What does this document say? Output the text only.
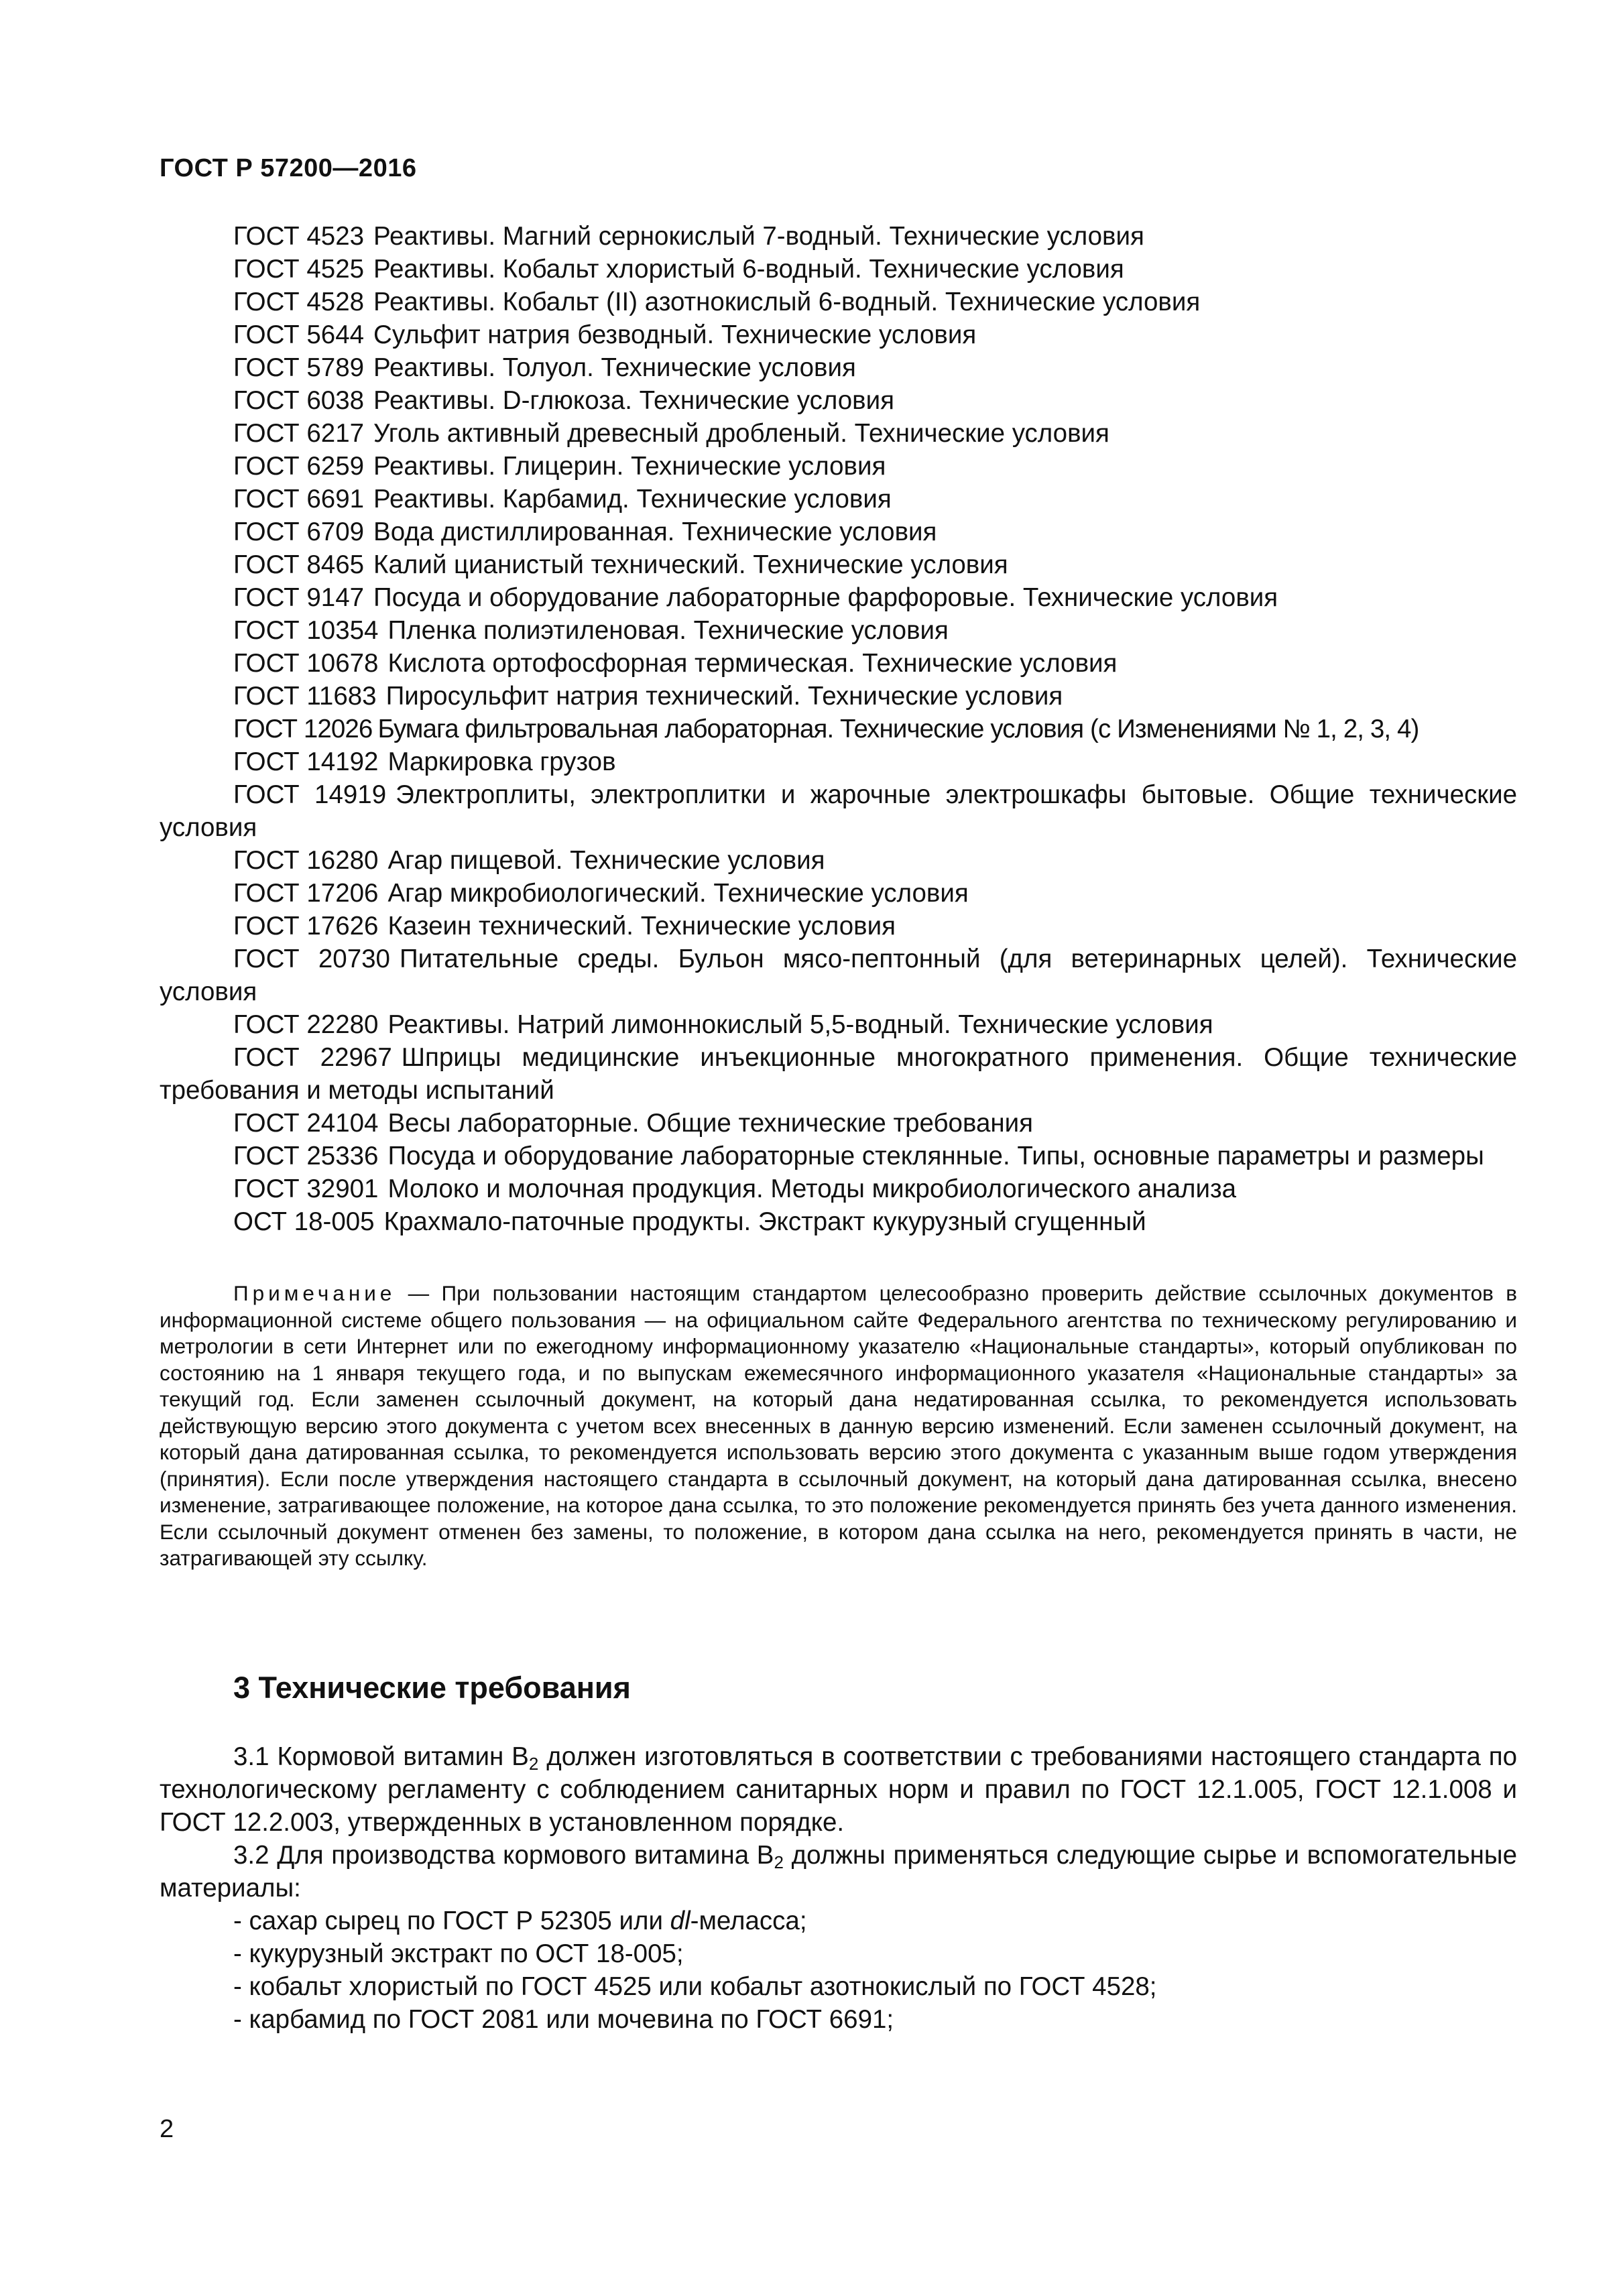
ГОСТ Р 57200—2016
ГОСТ 4523 Реактивы. Магний сернокислый 7-водный. Технические условия
ГОСТ 4525 Реактивы. Кобальт хлористый 6-водный. Технические условия
ГОСТ 4528 Реактивы. Кобальт (II) азотнокислый 6-водный. Технические условия
ГОСТ 5644 Сульфит натрия безводный. Технические условия
ГОСТ 5789 Реактивы. Толуол. Технические условия
ГОСТ 6038 Реактивы. D-глюкоза. Технические условия
ГОСТ 6217 Уголь активный древесный дробленый. Технические условия
ГОСТ 6259 Реактивы. Глицерин. Технические условия
ГОСТ 6691 Реактивы. Карбамид. Технические условия
ГОСТ 6709 Вода дистиллированная. Технические условия
ГОСТ 8465 Калий цианистый технический. Технические условия
ГОСТ 9147 Посуда и оборудование лабораторные фарфоровые. Технические условия
ГОСТ 10354 Пленка полиэтиленовая. Технические условия
ГОСТ 10678 Кислота ортофосфорная термическая. Технические условия
ГОСТ 11683 Пиросульфит натрия технический. Технические условия
ГОСТ 12026 Бумага фильтровальная лабораторная. Технические условия (с Изменениями № 1, 2, 3, 4)
ГОСТ 14192 Маркировка грузов
ГОСТ 14919 Электроплиты, электроплитки и жарочные электрошкафы бытовые. Общие технические условия
ГОСТ 16280 Агар пищевой. Технические условия
ГОСТ 17206 Агар микробиологический. Технические условия
ГОСТ 17626 Казеин технический. Технические условия
ГОСТ 20730 Питательные среды. Бульон мясо-пептонный (для ветеринарных целей). Технические условия
ГОСТ 22280 Реактивы. Натрий лимоннокислый 5,5-водный. Технические условия
ГОСТ 22967 Шприцы медицинские инъекционные многократного применения. Общие технические требования и методы испытаний
ГОСТ 24104 Весы лабораторные. Общие технические требования
ГОСТ 25336 Посуда и оборудование лабораторные стеклянные. Типы, основные параметры и размеры
ГОСТ 32901 Молоко и молочная продукция. Методы микробиологического анализа
ОСТ 18-005 Крахмало-паточные продукты. Экстракт кукурузный сгущенный
Примечание — При пользовании настоящим стандартом целесообразно проверить действие ссылочных документов в информационной системе общего пользования — на официальном сайте Федерального агентства по техническому регулированию и метрологии в сети Интернет или по ежегодному информационному указателю «Национальные стандарты», который опубликован по состоянию на 1 января текущего года, и по выпускам ежемесячного информационного указателя «Национальные стандарты» за текущий год. Если заменен ссылочный документ, на который дана недатированная ссылка, то рекомендуется использовать действующую версию этого документа с учетом всех внесенных в данную версию изменений. Если заменен ссылочный документ, на который дана датированная ссылка, то рекомендуется использовать версию этого документа с указанным выше годом утверждения (принятия). Если после утверждения настоящего стандарта в ссылочный документ, на который дана датированная ссылка, внесено изменение, затрагивающее положение, на которое дана ссылка, то это положение рекомендуется принять без учета данного изменения. Если ссылочный документ отменен без замены, то положение, в котором дана ссылка на него, рекомендуется принять в части, не затрагивающей эту ссылку.
3 Технические требования
3.1 Кормовой витамин $В_2$ должен изготовляться в соответствии с требованиями настоящего стандарта по технологическому регламенту с соблюдением санитарных норм и правил по ГОСТ 12.1.005, ГОСТ 12.1.008 и ГОСТ 12.2.003, утвержденных в установленном порядке.
3.2 Для производства кормового витамина $В_2$ должны применяться следующие сырье и вспомогательные материалы:
- сахар сырец по ГОСТ Р 52305 или dl-меласса;
- кукурузный экстракт по ОСТ 18-005;
- кобальт хлористый по ГОСТ 4525 или кобальт азотнокислый по ГОСТ 4528;
- карбамид по ГОСТ 2081 или мочевина по ГОСТ 6691;
2
